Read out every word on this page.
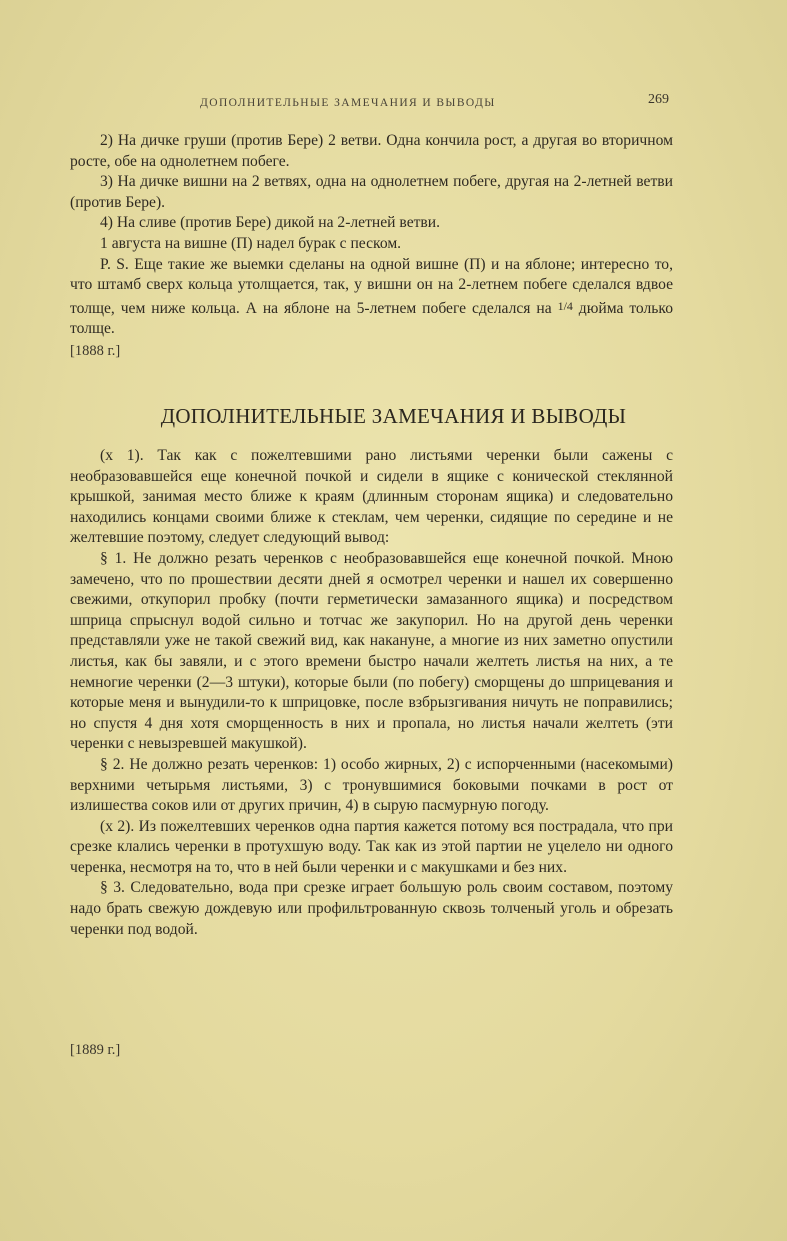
ДОПОЛНИТЕЛЬНЫЕ ЗАМЕЧАНИЯ И ВЫВОДЫ	269

2) На дичке груши (против Бере) 2 ветви. Одна кончила рост, а другая во вторичном росте, обе на однолетнем побеге.

3) На дичке вишни на 2 ветвях, одна на однолетнем побеге, другая на 2-летней ветви (против Бере).

4) На сливе (против Бере) дикой на 2-летней ветви.

1 августа на вишне (П) надел бурак с песком.

P. S. Еще такие же выемки сделаны на одной вишне (П) и на яблоне; интересно то, что штамб сверх кольца утолщается, так, у вишни он на 2-летнем побеге сделался вдвое толще, чем ниже кольца. А на яблоне на 5-летнем побеге сделался на 1/4 дюйма только толще.

[1888 г.]
ДОПОЛНИТЕЛЬНЫЕ ЗАМЕЧАНИЯ И ВЫВОДЫ

(x 1). Так как с пожелтевшими рано листьями черенки были сажены с необразовавшейся еще конечной почкой и сидели в ящике с конической стеклянной крышкой, занимая место ближе к краям (длинным сторонам ящика) и следовательно находились концами своими ближе к стеклам, чем черенки, сидящие по середине и не желтевшие поэтому, следует следующий вывод:

§ 1. Не должно резать черенков с необразовавшейся еще конечной почкой. Мною замечено, что по прошествии десяти дней я осмотрел черенки и нашел их совершенно свежими, откупорил пробку (почти герметически замазанного ящика) и посредством шприца спрыснул водой сильно и тотчас же закупорил. Но на другой день черенки представляли уже не такой свежий вид, как накануне, а многие из них заметно опустили листья, как бы завяли, и с этого времени быстро начали желтеть листья на них, а те немногие черенки (2—3 штуки), которые были (по побегу) сморщены до шприцевания и которые меня и вынудили-то к шприцовке, после взбрызгивания ничуть не поправились; но спустя 4 дня хотя сморщенность в них и пропала, но листья начали желтеть (эти черенки с невызревшей макушкой).

§ 2. Не должно резать черенков: 1) особо жирных, 2) с испорченными (насекомыми) верхними четырьмя листьями, 3) с тронувшимися боковыми почками в рост от излишества соков или от других причин, 4) в сырую пасмурную погоду.

(x 2). Из пожелтевших черенков одна партия кажется потому вся пострадала, что при срезке клались черенки в протухшую воду. Так как из этой партии не уцелело ни одного черенка, несмотря на то, что в ней были черенки и с макушками и без них.

§ 3. Следовательно, вода при срезке играет большую роль своим составом, поэтому надо брать свежую дождевую или профильтрованную сквозь толченый уголь и обрезать черенки под водой.

[1889 г.]
